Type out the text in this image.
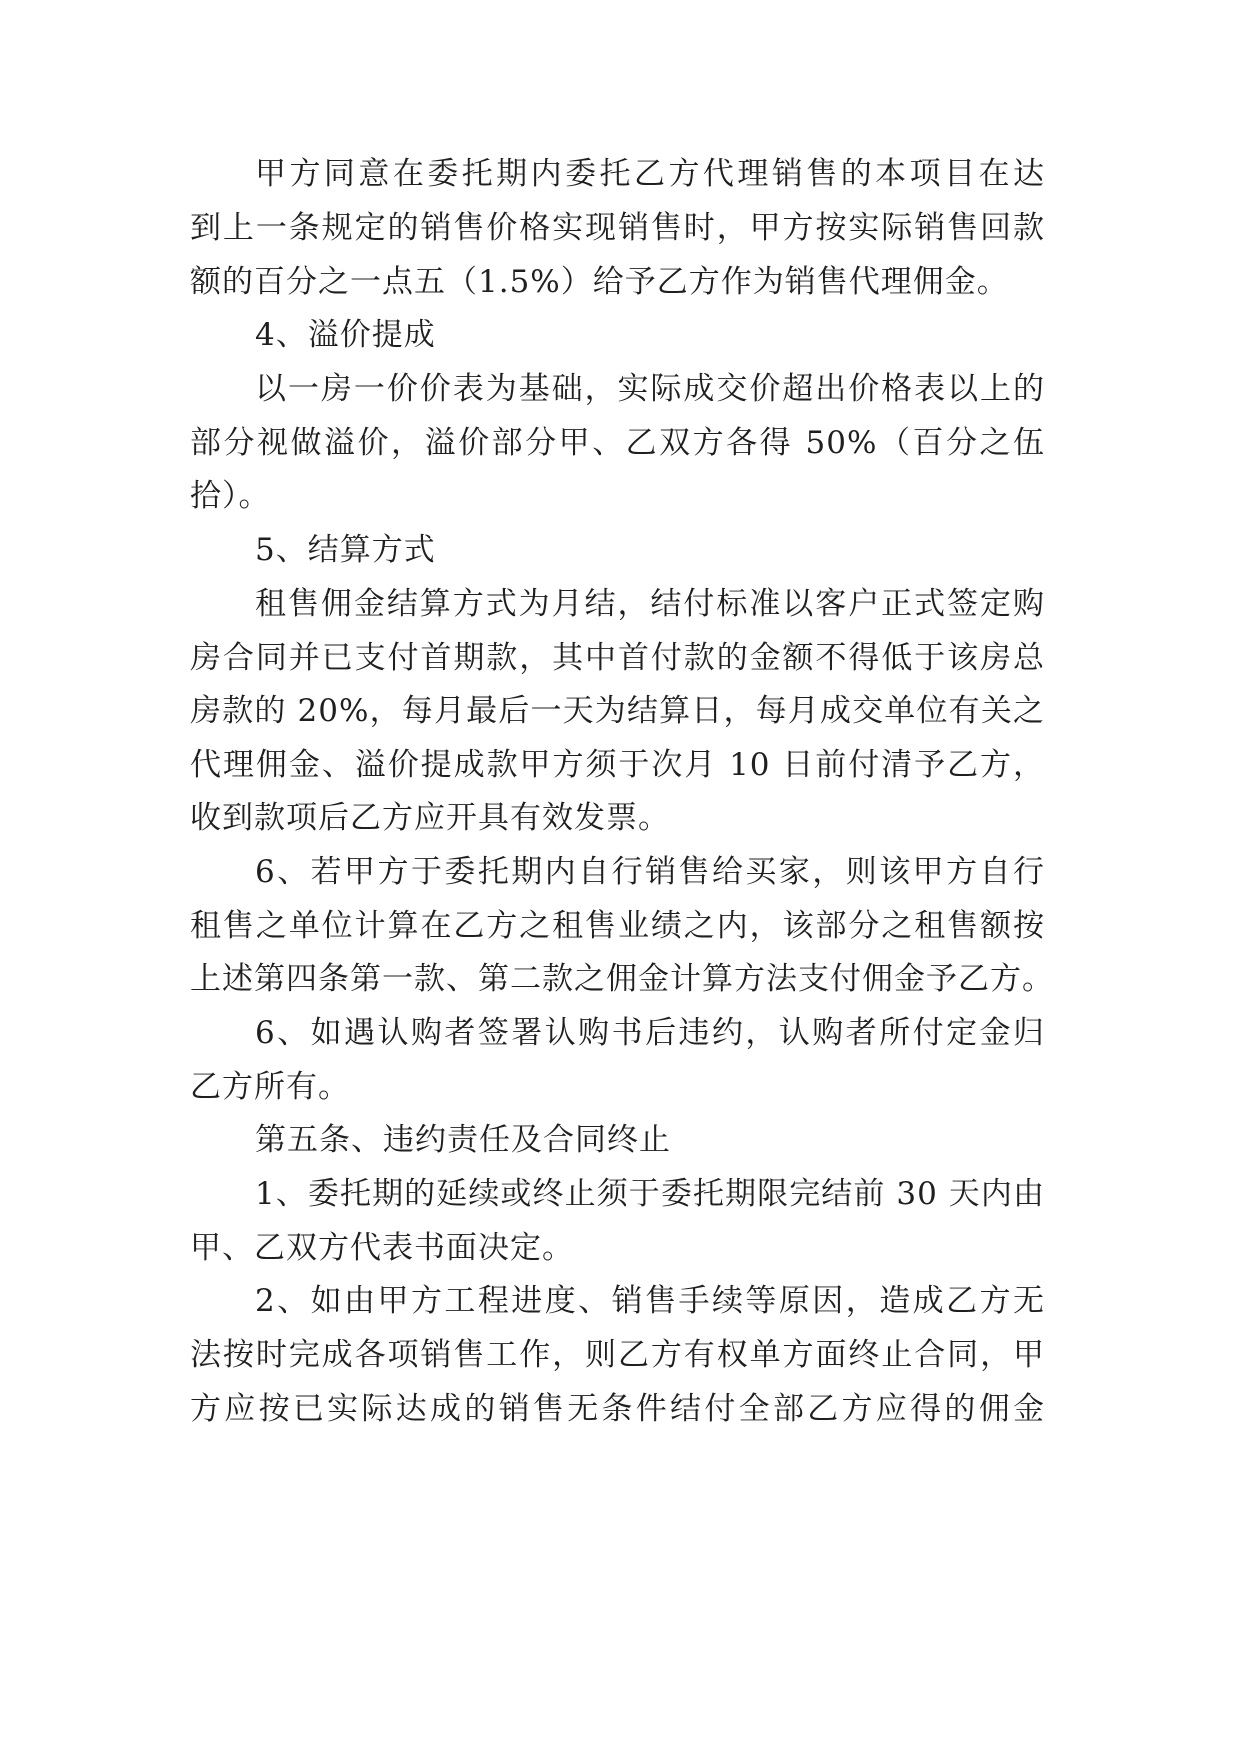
甲方同意在委托期内委托乙方代理销售的本项目在达
到上一条规定的销售价格实现销售时，甲方按实际销售回款
额的百分之一点五（1.5%）给予乙方作为销售代理佣金。
4、溢价提成
以一房一价价表为基础，实际成交价超出价格表以上的
部分视做溢价，溢价部分甲、乙双方各得 50%（百分之伍
拾）。
5、结算方式
租售佣金结算方式为月结，结付标准以客户正式签定购
房合同并已支付首期款，其中首付款的金额不得低于该房总
房款的 20%，每月最后一天为结算日，每月成交单位有关之
代理佣金、溢价提成款甲方须于次月 10 日前付清予乙方，
收到款项后乙方应开具有效发票。
6、若甲方于委托期内自行销售给买家，则该甲方自行
租售之单位计算在乙方之租售业绩之内，该部分之租售额按
上述第四条第一款、第二款之佣金计算方法支付佣金予乙方。
6、如遇认购者签署认购书后违约，认购者所付定金归
乙方所有。
第五条、违约责任及合同终止
1、委托期的延续或终止须于委托期限完结前 30 天内由
甲、乙双方代表书面决定。
2、如由甲方工程进度、销售手续等原因，造成乙方无
法按时完成各项销售工作，则乙方有权单方面终止合同，甲
方应按已实际达成的销售无条件结付全部乙方应得的佣金
